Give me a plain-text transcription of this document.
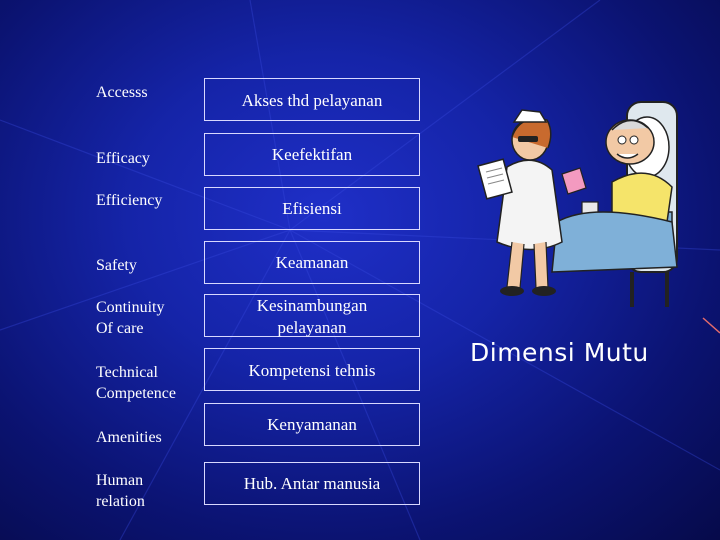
Accesss
Efficacy
Efficiency
Safety
Continuity
Of care
Technical
Competence
Amenities
Human
relation
Akses thd pelayanan
Keefektifan
Efisiensi
Keamanan
Kesinambungan
pelayanan
Kompetensi tehnis
Kenyamanan
Hub. Antar manusia
Dimensi Mutu
